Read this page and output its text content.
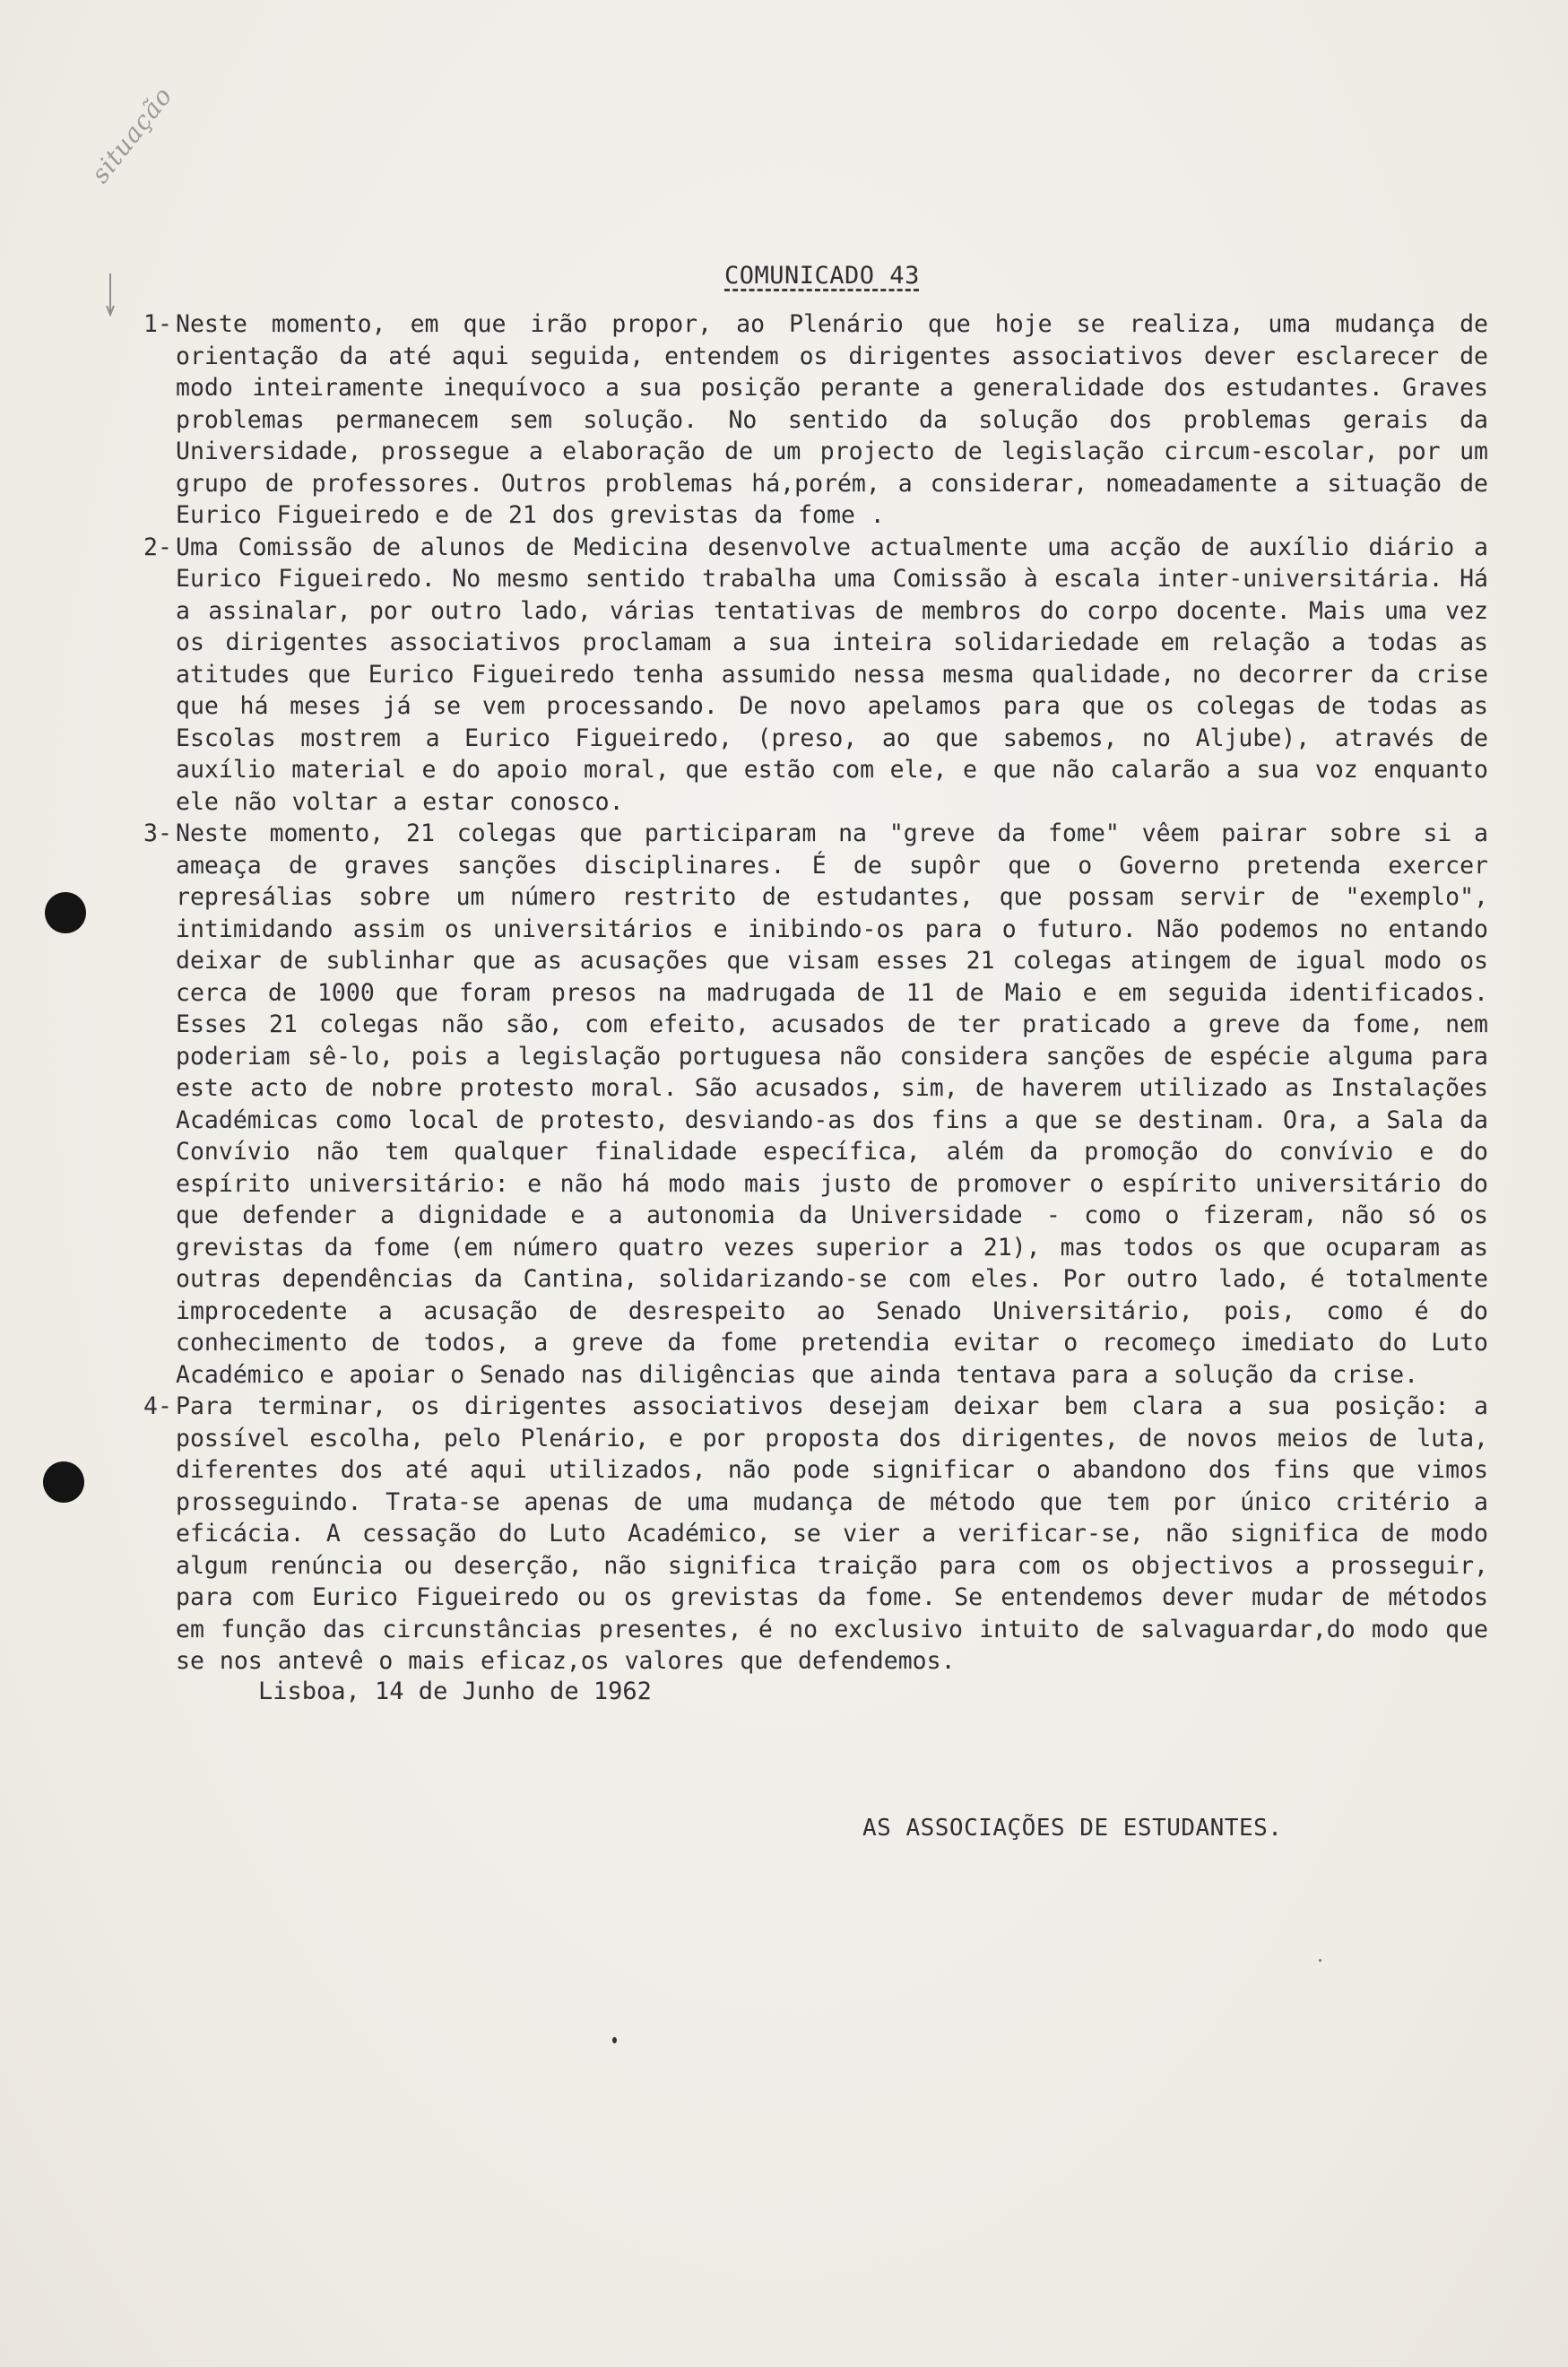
situação
COMUNICADO 43
1- Neste momento, em que irão propor, ao Plenário que hoje se realiza, uma mudança de orientação da até aqui seguida, entendem os dirigentes associativos dever esclarecer de modo inteiramente inequívoco a sua posição perante a generalidade dos estudantes. Graves problemas permanecem sem solução. No sentido da solução dos problemas gerais da Universidade, prossegue a elaboração de um projecto de legislação circum-escolar, por um grupo de professores. Outros problemas há,porém, a considerar, nomeadamente a situação de Eurico Figueiredo e de 21 dos grevistas da fome .
2- Uma Comissão de alunos de Medicina desenvolve actualmente uma acção de auxílio diário a Eurico Figueiredo. No mesmo sentido trabalha uma Comissão à escala inter-universitária. Há a assinalar, por outro lado, várias tentativas de membros do corpo docente. Mais uma vez os dirigentes associativos proclamam a sua inteira solidariedade em relação a todas as atitudes que Eurico Figueiredo tenha assumido nessa mesma qualidade, no decorrer da crise que há meses já se vem processando. De novo apelamos para que os colegas de todas as Escolas mostrem a Eurico Figueiredo, (preso, ao que sabemos, no Aljube), através de auxílio material e do apoio moral, que estão com ele, e que não calarão a sua voz enquanto ele não voltar a estar conosco.
3- Neste momento, 21 colegas que participaram na "greve da fome" vêem pairar sobre si a ameaça de graves sanções disciplinares. É de supôr que o Governo pretenda exercer represálias sobre um número restrito de estudantes, que possam servir de "exemplo", intimidando assim os universitários e inibindo-os para o futuro. Não podemos no entando deixar de sublinhar que as acusações que visam esses 21 colegas atingem de igual modo os cerca de 1000 que foram presos na madrugada de 11 de Maio e em seguida identificados. Esses 21 colegas não são, com efeito, acusados de ter praticado a greve da fome, nem poderiam sê-lo, pois a legislação portuguesa não considera sanções de espécie alguma para este acto de nobre protesto moral. São acusados, sim, de haverem utilizado as Instalações Académicas como local de protesto, desviando-as dos fins a que se destinam. Ora, a Sala da Convívio não tem qualquer finalidade específica, além da promoção do convívio e do espírito universitário: e não há modo mais justo de promover o espírito universitário do que defender a dignidade e a autonomia da Universidade - como o fizeram, não só os grevistas da fome (em número quatro vezes superior a 21), mas todos os que ocuparam as outras dependências da Cantina, solidarizando-se com eles. Por outro lado, é totalmente improcedente a acusação de desrespeito ao Senado Universitário, pois, como é do conhecimento de todos, a greve da fome pretendia evitar o recomeço imediato do Luto Académico e apoiar o Senado nas diligências que ainda tentava para a solução da crise.
4- Para terminar, os dirigentes associativos desejam deixar bem clara a sua posição: a possível escolha, pelo Plenário, e por proposta dos dirigentes, de novos meios de luta, diferentes dos até aqui utilizados, não pode significar o abandono dos fins que vimos prosseguindo. Trata-se apenas de uma mudança de método que tem por único critério a eficácia. A cessação do Luto Académico, se vier a verificar-se, não significa de modo algum renúncia ou deserção, não significa traição para com os objectivos a prosseguir, para com Eurico Figueiredo ou os grevistas da fome. Se entendemos dever mudar de métodos em função das circunstâncias presentes, é no exclusivo intuito de salvaguardar,do modo que se nos antevê o mais eficaz,os valores que defendemos.
Lisboa, 14 de Junho de 1962
AS ASSOCIAÇÕES DE ESTUDANTES.
